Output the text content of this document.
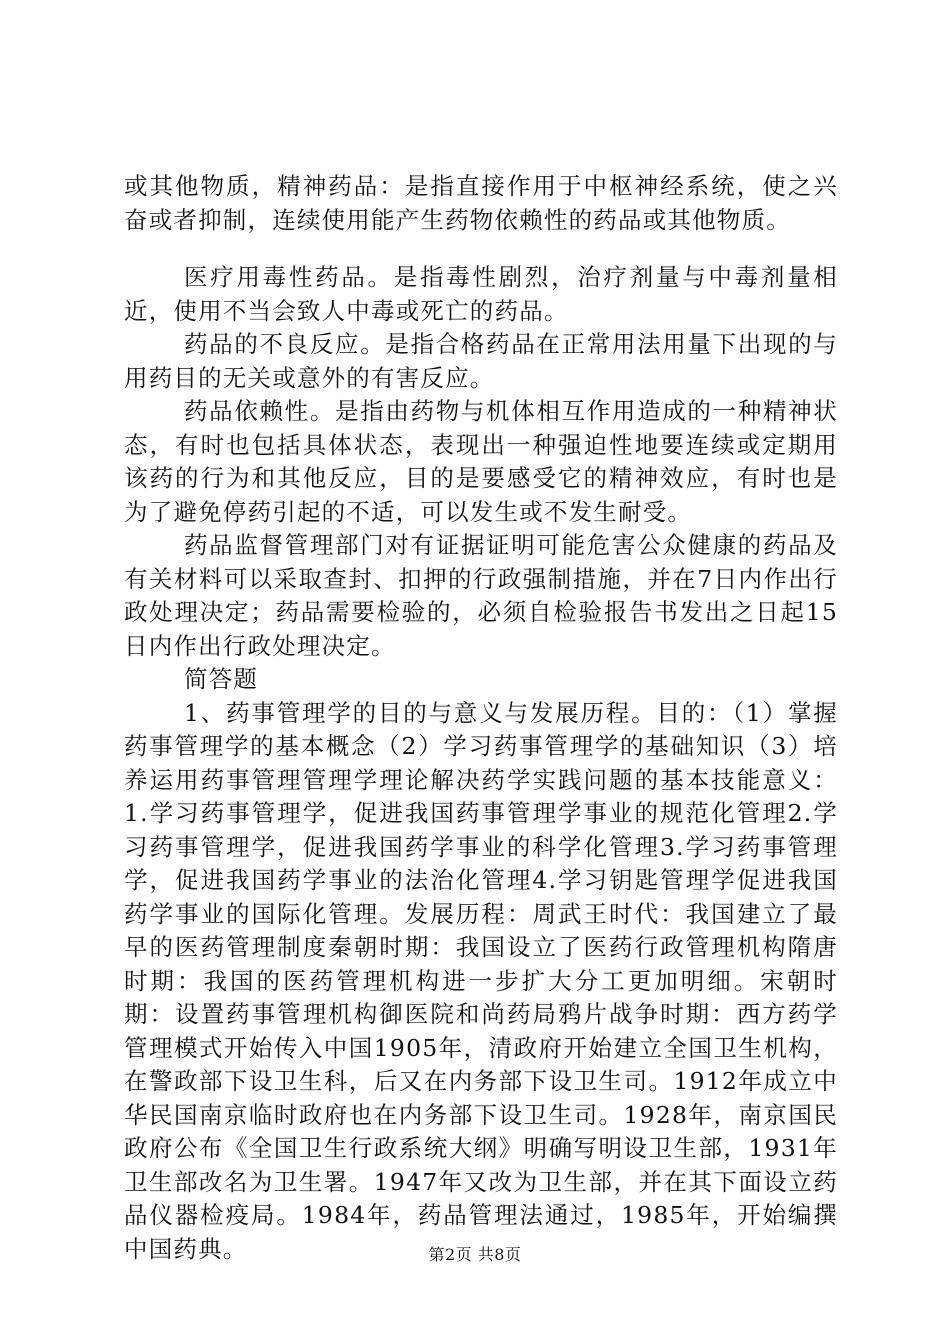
或其他物质，精神药品：是指直接作用于中枢神经系统，使之兴奋或者抑制，连续使用能产生药物依赖性的药品或其他物质。

医疗用毒性药品。是指毒性剧烈，治疗剂量与中毒剂量相近，使用不当会致人中毒或死亡的药品。

药品的不良反应。是指合格药品在正常用法用量下出现的与用药目的无关或意外的有害反应。

药品依赖性。是指由药物与机体相互作用造成的一种精神状态，有时也包括具体状态，表现出一种强迫性地要连续或定期用该药的行为和其他反应，目的是要感受它的精神效应，有时也是为了避免停药引起的不适，可以发生或不发生耐受。

药品监督管理部门对有证据证明可能危害公众健康的药品及有关材料可以采取查封、扣押的行政强制措施，并在7日内作出行政处理决定；药品需要检验的，必须自检验报告书发出之日起15日内作出行政处理决定。

简答题

1、药事管理学的目的与意义与发展历程。目的：（1）掌握药事管理学的基本概念（2）学习药事管理学的基础知识（3）培养运用药事管理管理学理论解决药学实践问题的基本技能意义：1.学习药事管理学，促进我国药事管理学事业的规范化管理2.学习药事管理学，促进我国药学事业的科学化管理3.学习药事管理学，促进我国药学事业的法治化管理4.学习钥匙管理学促进我国药学事业的国际化管理。发展历程：周武王时代：我国建立了最早的医药管理制度秦朝时期：我国设立了医药行政管理机构隋唐时期：我国的医药管理机构进一步扩大分工更加明细。宋朝时期：设置药事管理机构御医院和尚药局鸦片战争时期：西方药学管理模式开始传入中国1905年，清政府开始建立全国卫生机构，在警政部下设卫生科，后又在内务部下设卫生司。1912年成立中华民国南京临时政府也在内务部下设卫生司。1928年，南京国民政府公布《全国卫生行政系统大纲》明确写明设卫生部，1931年卫生部改名为卫生署。1947年又改为卫生部，并在其下面设立药品仪器检疫局。1984年，药品管理法通过，1985年，开始编撰中国药典。	第2页 共8页
